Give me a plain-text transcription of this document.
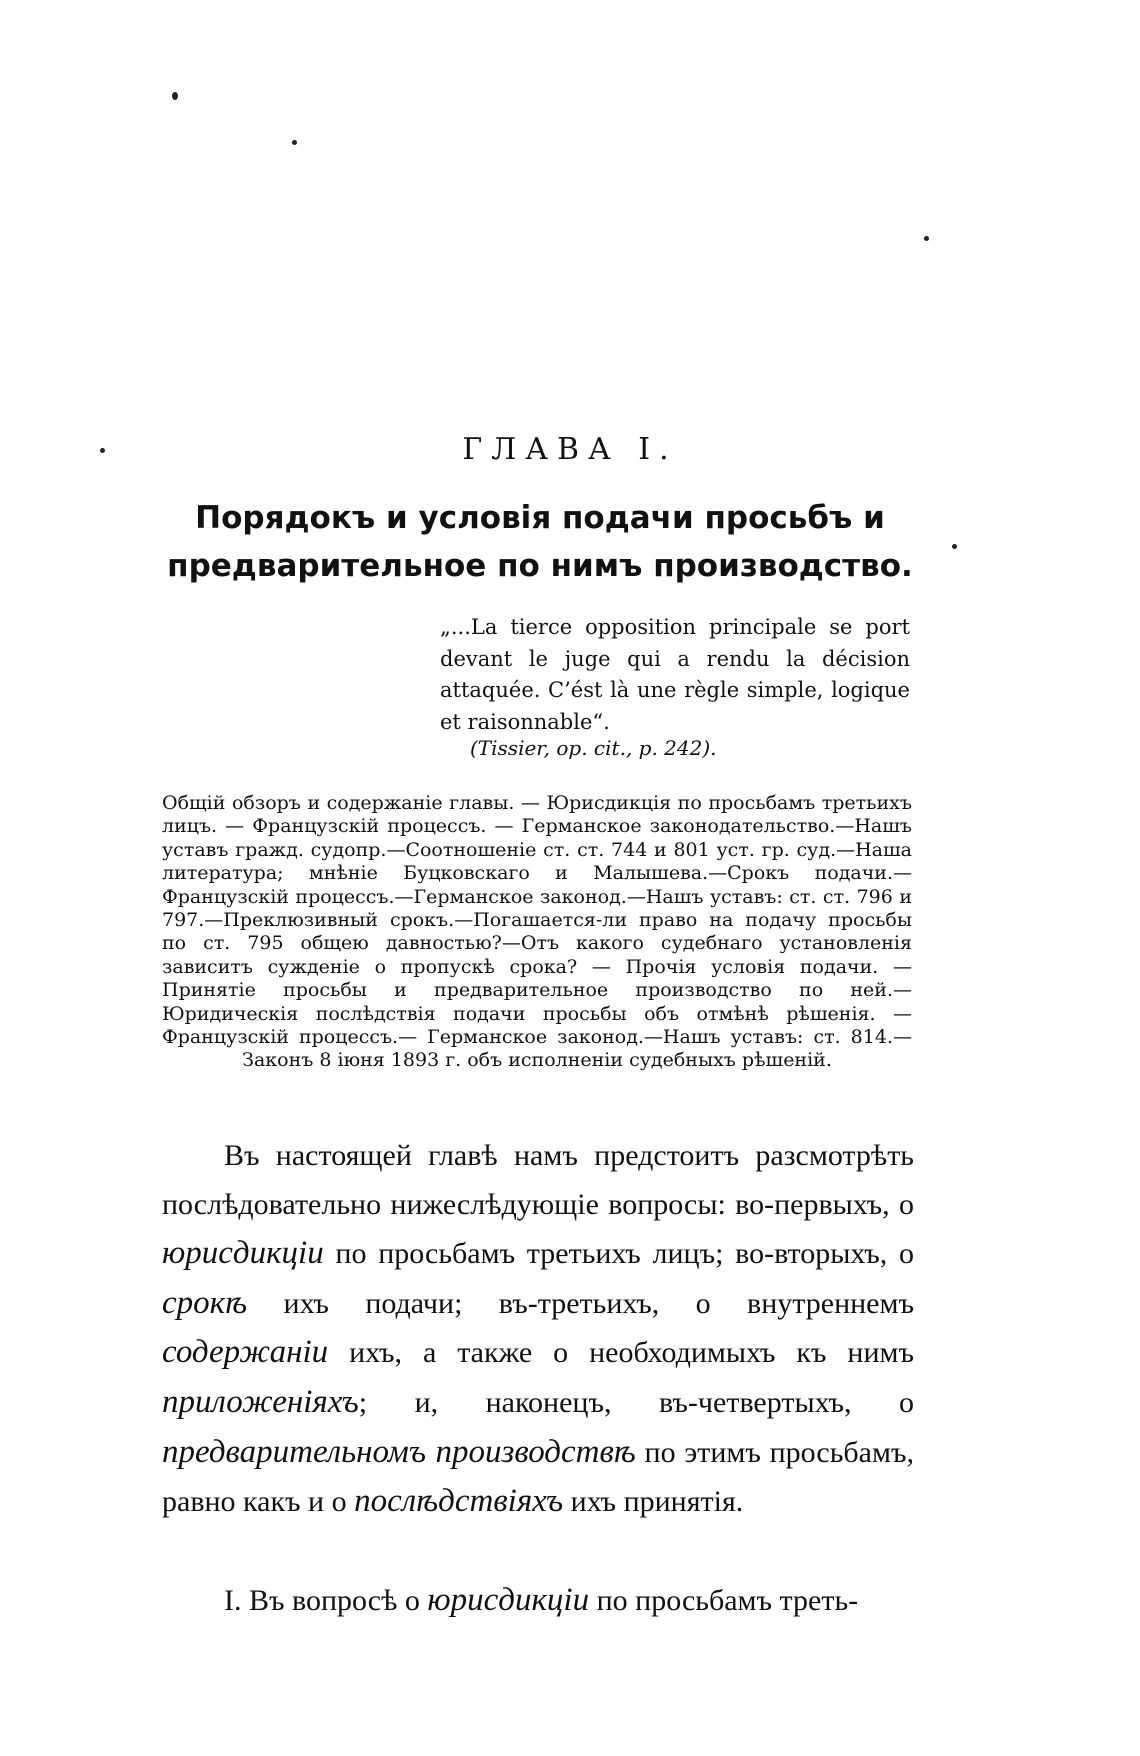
ГЛАВА I.
Порядокъ и условія подачи просьбъ и предварительное по нимъ производство.
„...La tierce opposition principale se port devant le juge qui a rendu la décision attaquée. C’ést là une règle simple, logique et raisonnable“.
(Tissier, op. cit., p. 242).
Общій обзоръ и содержаніе главы. — Юрисдикція по просьбамъ третьихъ лицъ. — Французскій процессъ. — Германское законодательство.—Нашъ уставъ гражд. судопр.—Соотношеніе ст. ст. 744 и 801 уст. гр. суд.—Наша литература; мнѣніе Буцковскаго и Малышева.—Срокъ подачи.—Французскій процессъ.—Германское законод.—Нашъ уставъ: ст. ст. 796 и 797.—Преклюзивный срокъ.—Погашается-ли право на подачу просьбы по ст. 795 общею давностью?—Отъ какого судебнаго установленія зависитъ сужденіе о пропускѣ срока? — Прочія условія подачи. — Принятіе просьбы и предварительное производство по ней.—Юридическія послѣдствія подачи просьбы объ отмѣнѣ рѣшенія. — Французскій процессъ.— Германское законод.—Нашъ уставъ: ст. 814.—Законъ 8 іюня 1893 г. объ исполненіи судебныхъ рѣшеній.
Въ настоящей главѣ намъ предстоитъ разсмотрѣть послѣдовательно нижеслѣдующіе вопросы: во-первыхъ, о юрисдикціи по просьбамъ третьихъ лицъ; во-вторыхъ, о срокѣ ихъ подачи; въ-третьихъ, о внутреннемъ содержаніи ихъ, а также о необходимыхъ къ нимъ приложеніяхъ; и, наконецъ, въ-четвертыхъ, о предварительномъ производствѣ по этимъ просьбамъ, равно какъ и о послѣдствіяхъ ихъ принятія.
I. Въ вопросѣ о юрисдикціи по просьбамъ треть-
